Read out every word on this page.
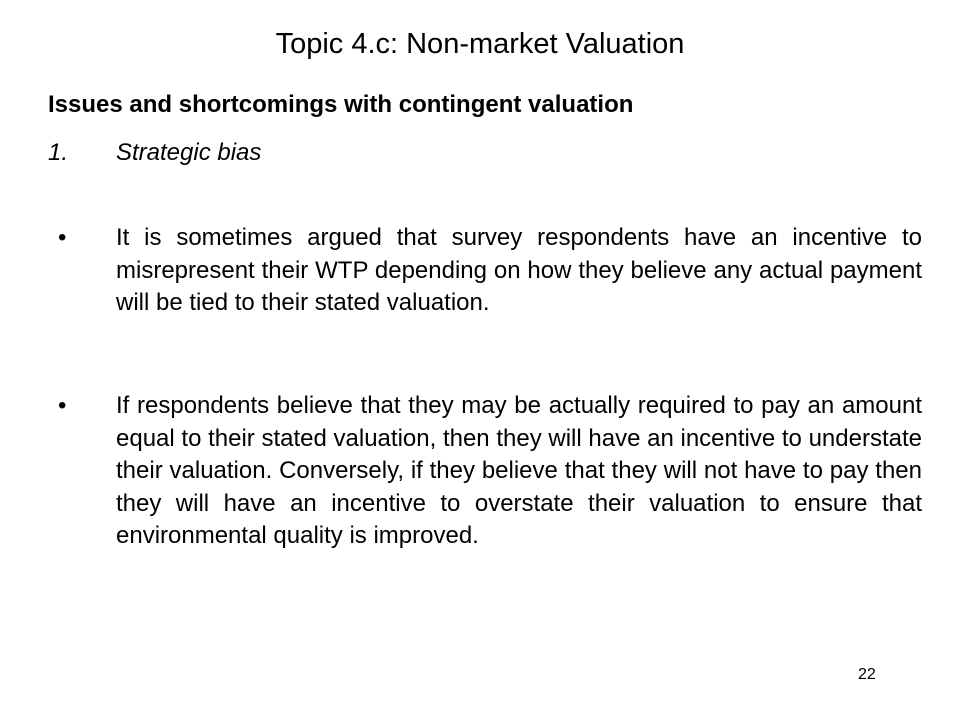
Topic 4.c: Non-market Valuation
Issues and shortcomings with contingent valuation
1. Strategic bias
• It is sometimes argued that survey respondents have an incentive to misrepresent their WTP depending on how they believe any actual payment will be tied to their stated valuation.
• If respondents believe that they may be actually required to pay an amount equal to their stated valuation, then they will have an incentive to understate their valuation. Conversely, if they believe that they will not have to pay then they will have an incentive to overstate their valuation to ensure that environmental quality is improved.
22
